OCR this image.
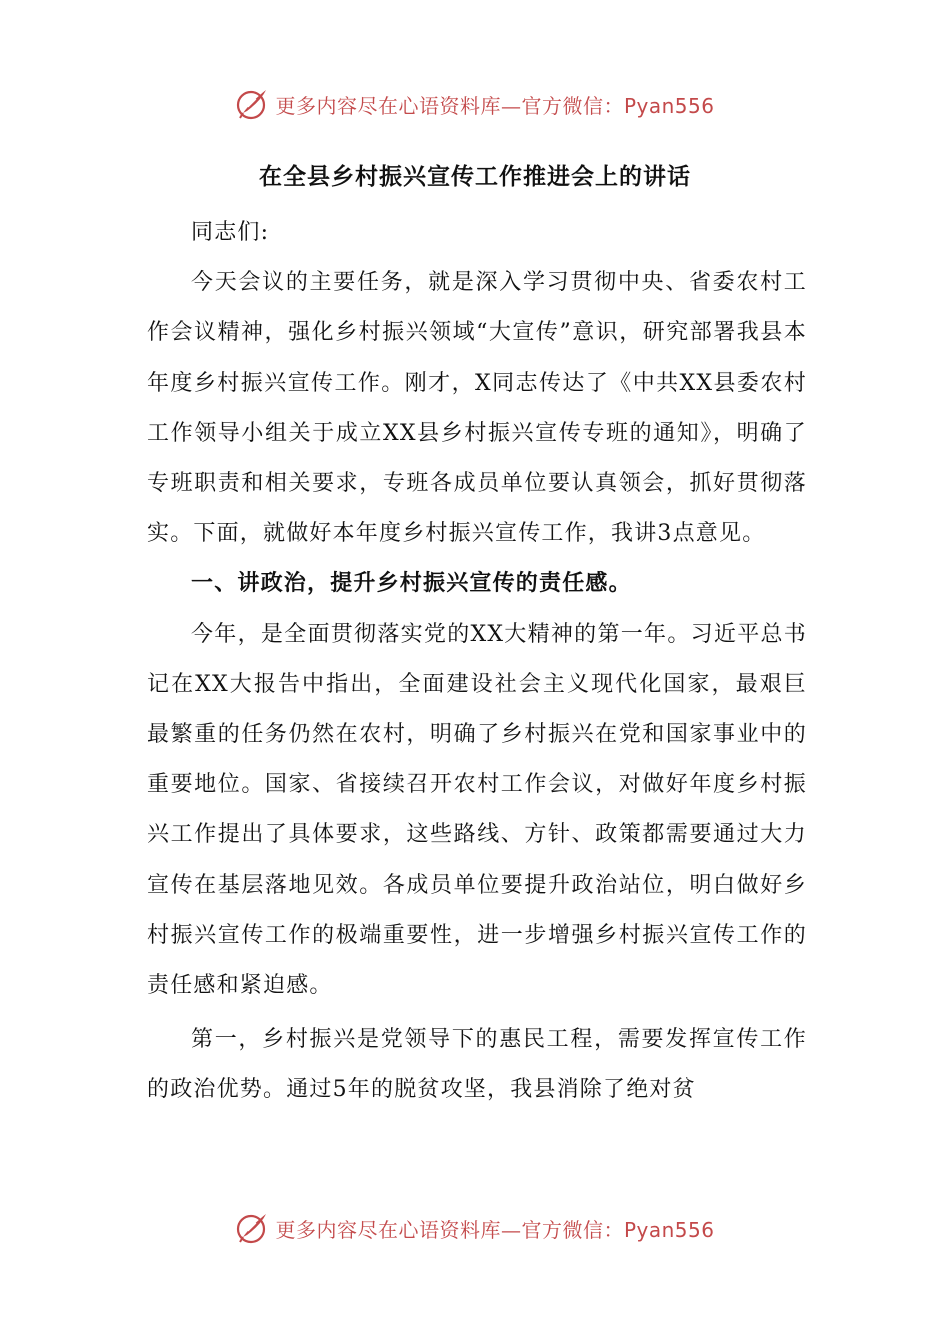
更多内容尽在心语资料库—官方微信：Pyan556
在全县乡村振兴宣传工作推进会上的讲话

同志们:

今天会议的主要任务，就是深入学习贯彻中央、省委农村工作会议精神，强化乡村振兴领域“大宣传”意识，研究部署我县本年度乡村振兴宣传工作。刚才，X同志传达了《中共XX县委农村工作领导小组关于成立XX县乡村振兴宣传专班的通知》，明确了专班职责和相关要求，专班各成员单位要认真领会，抓好贯彻落实。下面，就做好本年度乡村振兴宣传工作，我讲3点意见。

一、讲政治，提升乡村振兴宣传的责任感。

今年，是全面贯彻落实党的XX大精神的第一年。习近平总书记在XX大报告中指出，全面建设社会主义现代化国家，最艰巨最繁重的任务仍然在农村，明确了乡村振兴在党和国家事业中的重要地位。国家、省接续召开农村工作会议，对做好年度乡村振兴工作提出了具体要求，这些路线、方针、政策都需要通过大力宣传在基层落地见效。各成员单位要提升政治站位，明白做好乡村振兴宣传工作的极端重要性，进一步增强乡村振兴宣传工作的责任感和紧迫感。

第一，乡村振兴是党领导下的惠民工程，需要发挥宣传工作的政治优势。通过5年的脱贫攻坚，我县消除了绝对贫

更多内容尽在心语资料库—官方微信：Pyan556
